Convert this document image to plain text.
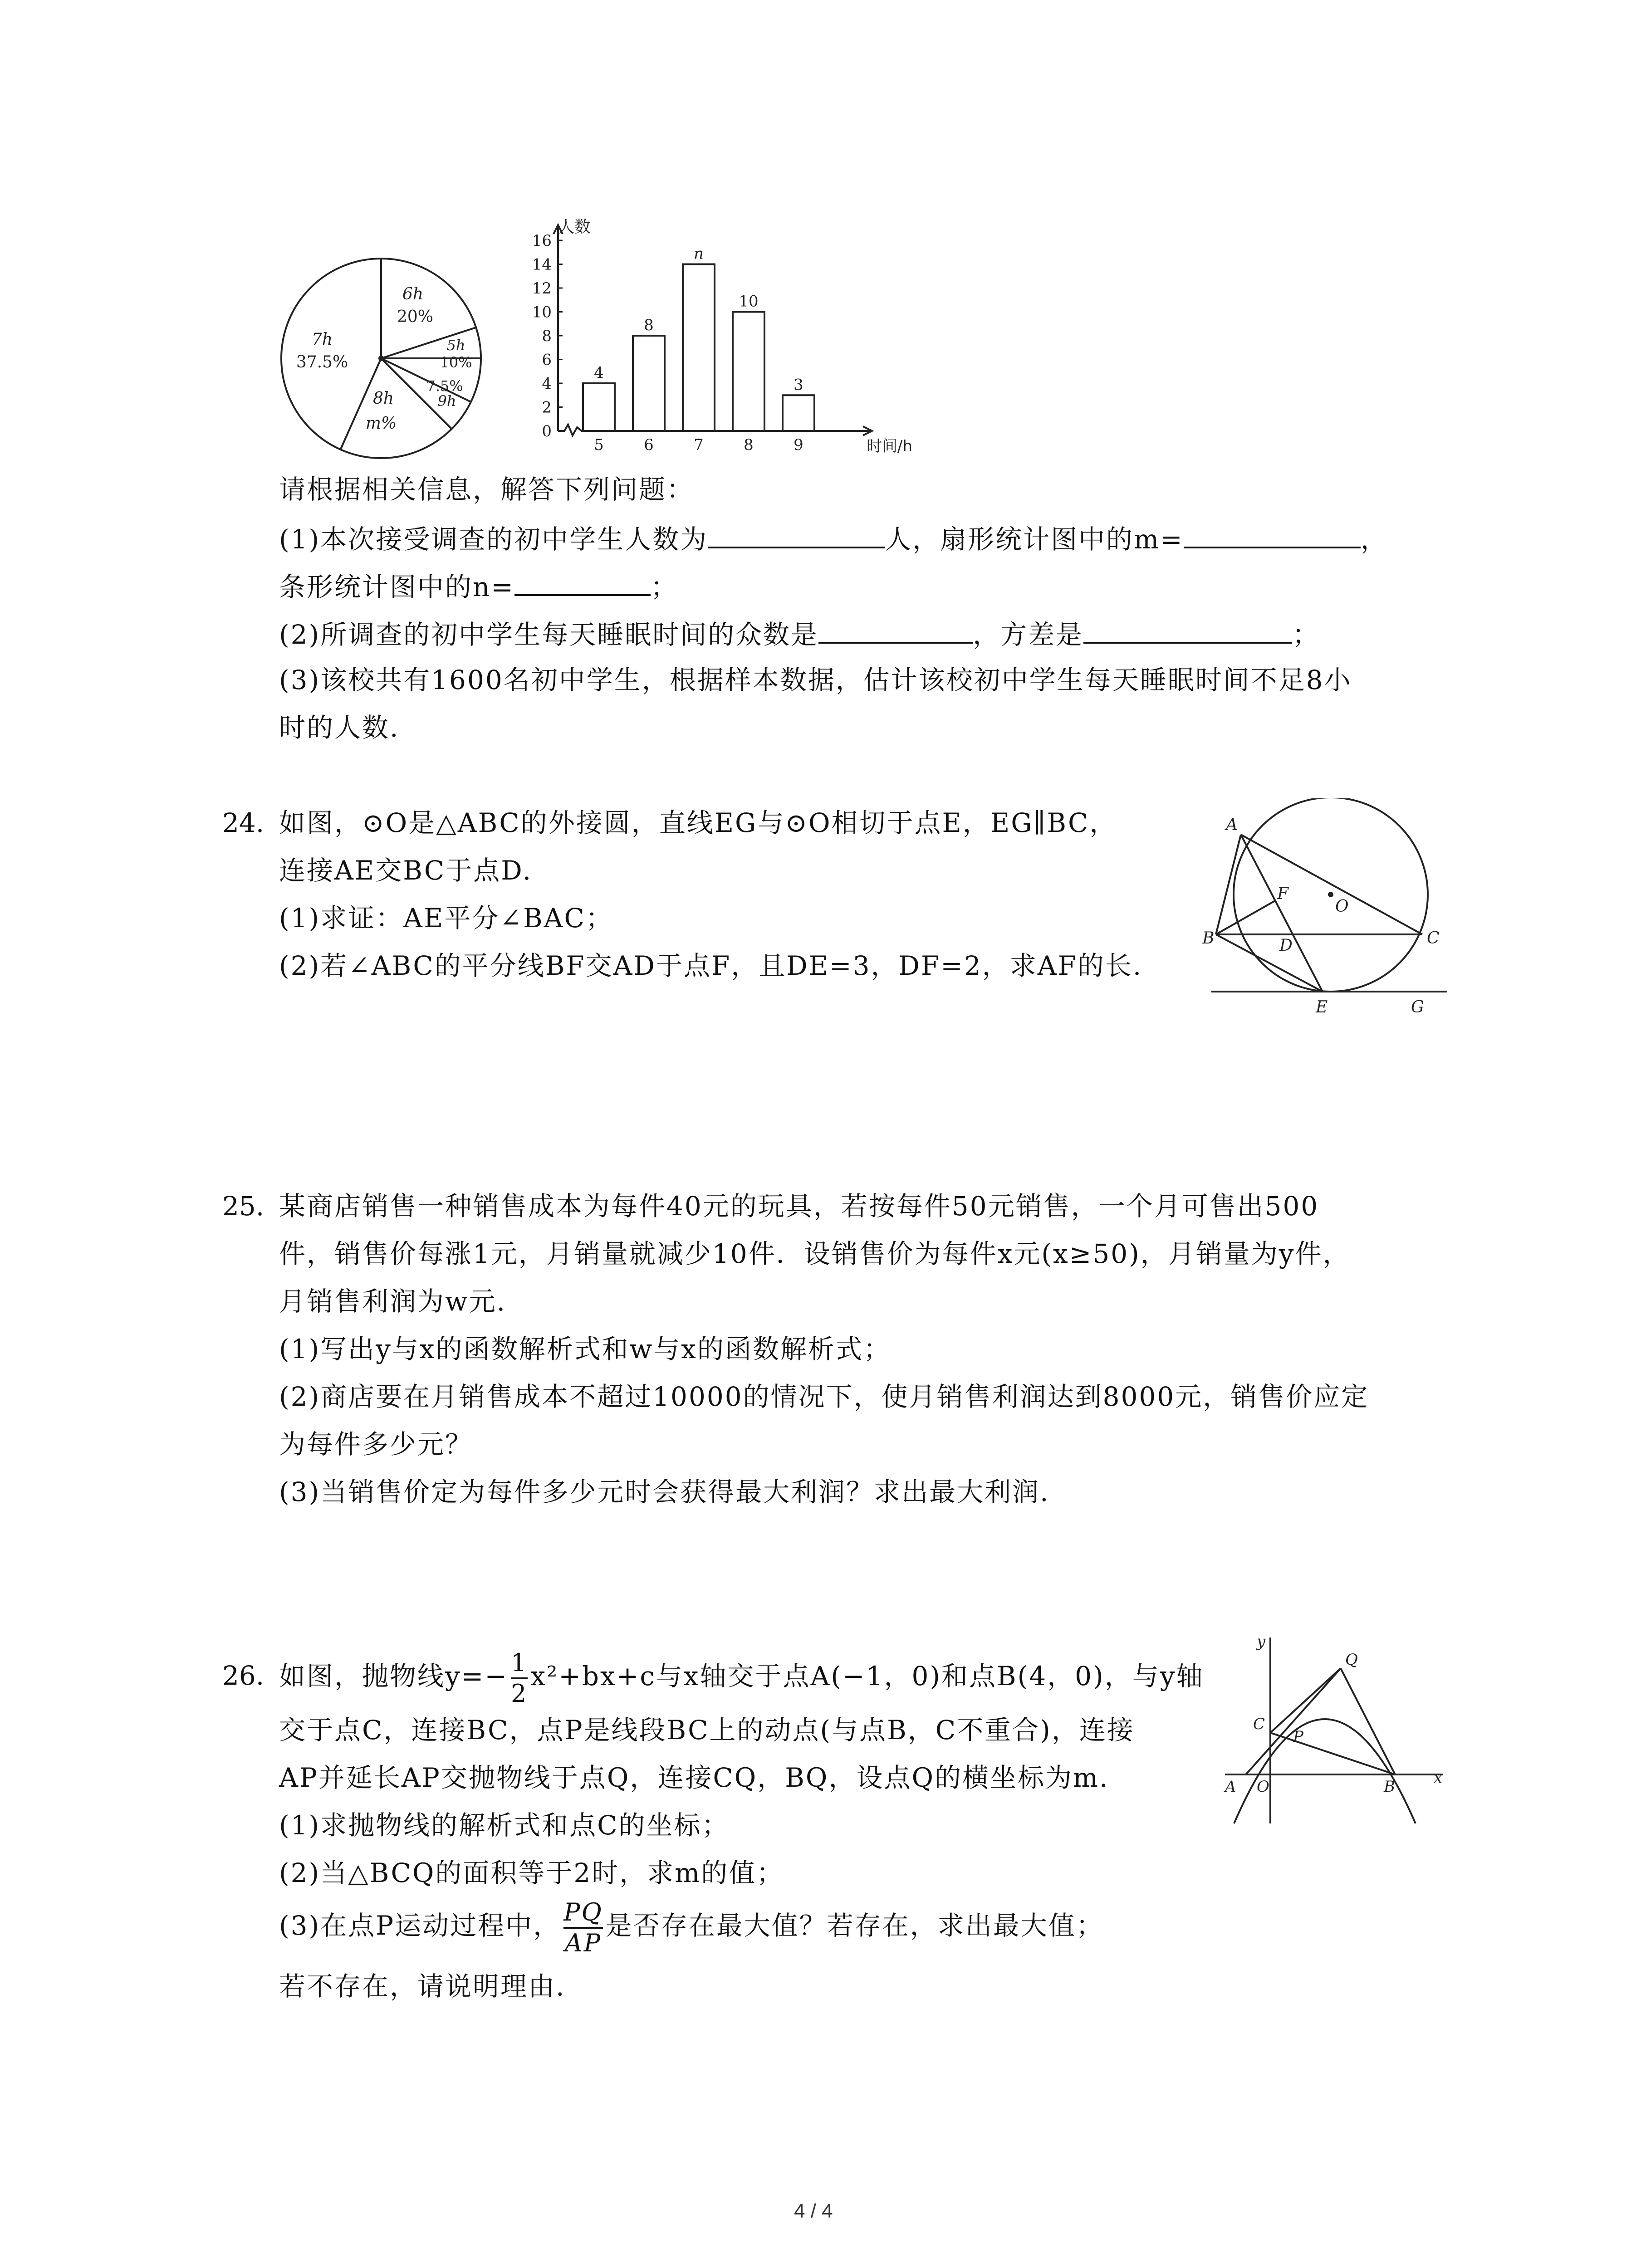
6h
20%
5h
10%
7.5%
9h
8h
m%
7h
37.5%
0
2
4
6
8
10
12
14
16
4
5
8
6
n
7
10
8
3
9
人数
时间/h
请根据相关信息，解答下列问题：
(1)本次接受调查的初中学生人数为	人，扇形统计图中的m=	，
条形统计图中的n=	；
(2)所调查的初中学生每天睡眠时间的众数是	，方差是	；
(3)该校共有1600名初中学生，根据样本数据，估计该校初中学生每天睡眠时间不足8小
时的人数.
24. 如图，⊙O是△ABC的外接圆，直线EG与⊙O相切于点E，EG∥BC，
连接AE交BC于点D.
(1)求证：AE平分∠BAC；
(2)若∠ABC的平分线BF交AD于点F，且DE=3，DF=2，求AF的长.
A
F
O
B	D	C
E	G
25. 某商店销售一种销售成本为每件40元的玩具，若按每件50元销售，一个月可售出500
件，销售价每涨1元，月销量就减少10件．设销售价为每件x元(x≥50)，月销量为y件，
月销售利润为w元.
(1)写出y与x的函数解析式和w与x的函数解析式；
(2)商店要在月销售成本不超过10000的情况下，使月销售利润达到8000元，销售价应定
为每件多少元？
(3)当销售价定为每件多少元时会获得最大利润？求出最大利润.
26. 如图，抛物线$y=- \frac{1}{2} x^2+bx+c$与x轴交于点A(−1，0)和点B(4，0)，与y轴
交于点C，连接BC，点P是线段BC上的动点(与点B，C不重合)，连接
AP并延长AP交抛物线于点Q，连接CQ，BQ，设点Q的横坐标为m.
(1)求抛物线的解析式和点C的坐标；
(2)当△BCQ的面积等于2时，求m的值；
(3)在点P运动过程中， $\frac{PQ}{AP}$ 是否存在最大值？若存在，求出最大值；
若不存在，请说明理由.
y
x
Q
C
P
A O	B
4 / 4
